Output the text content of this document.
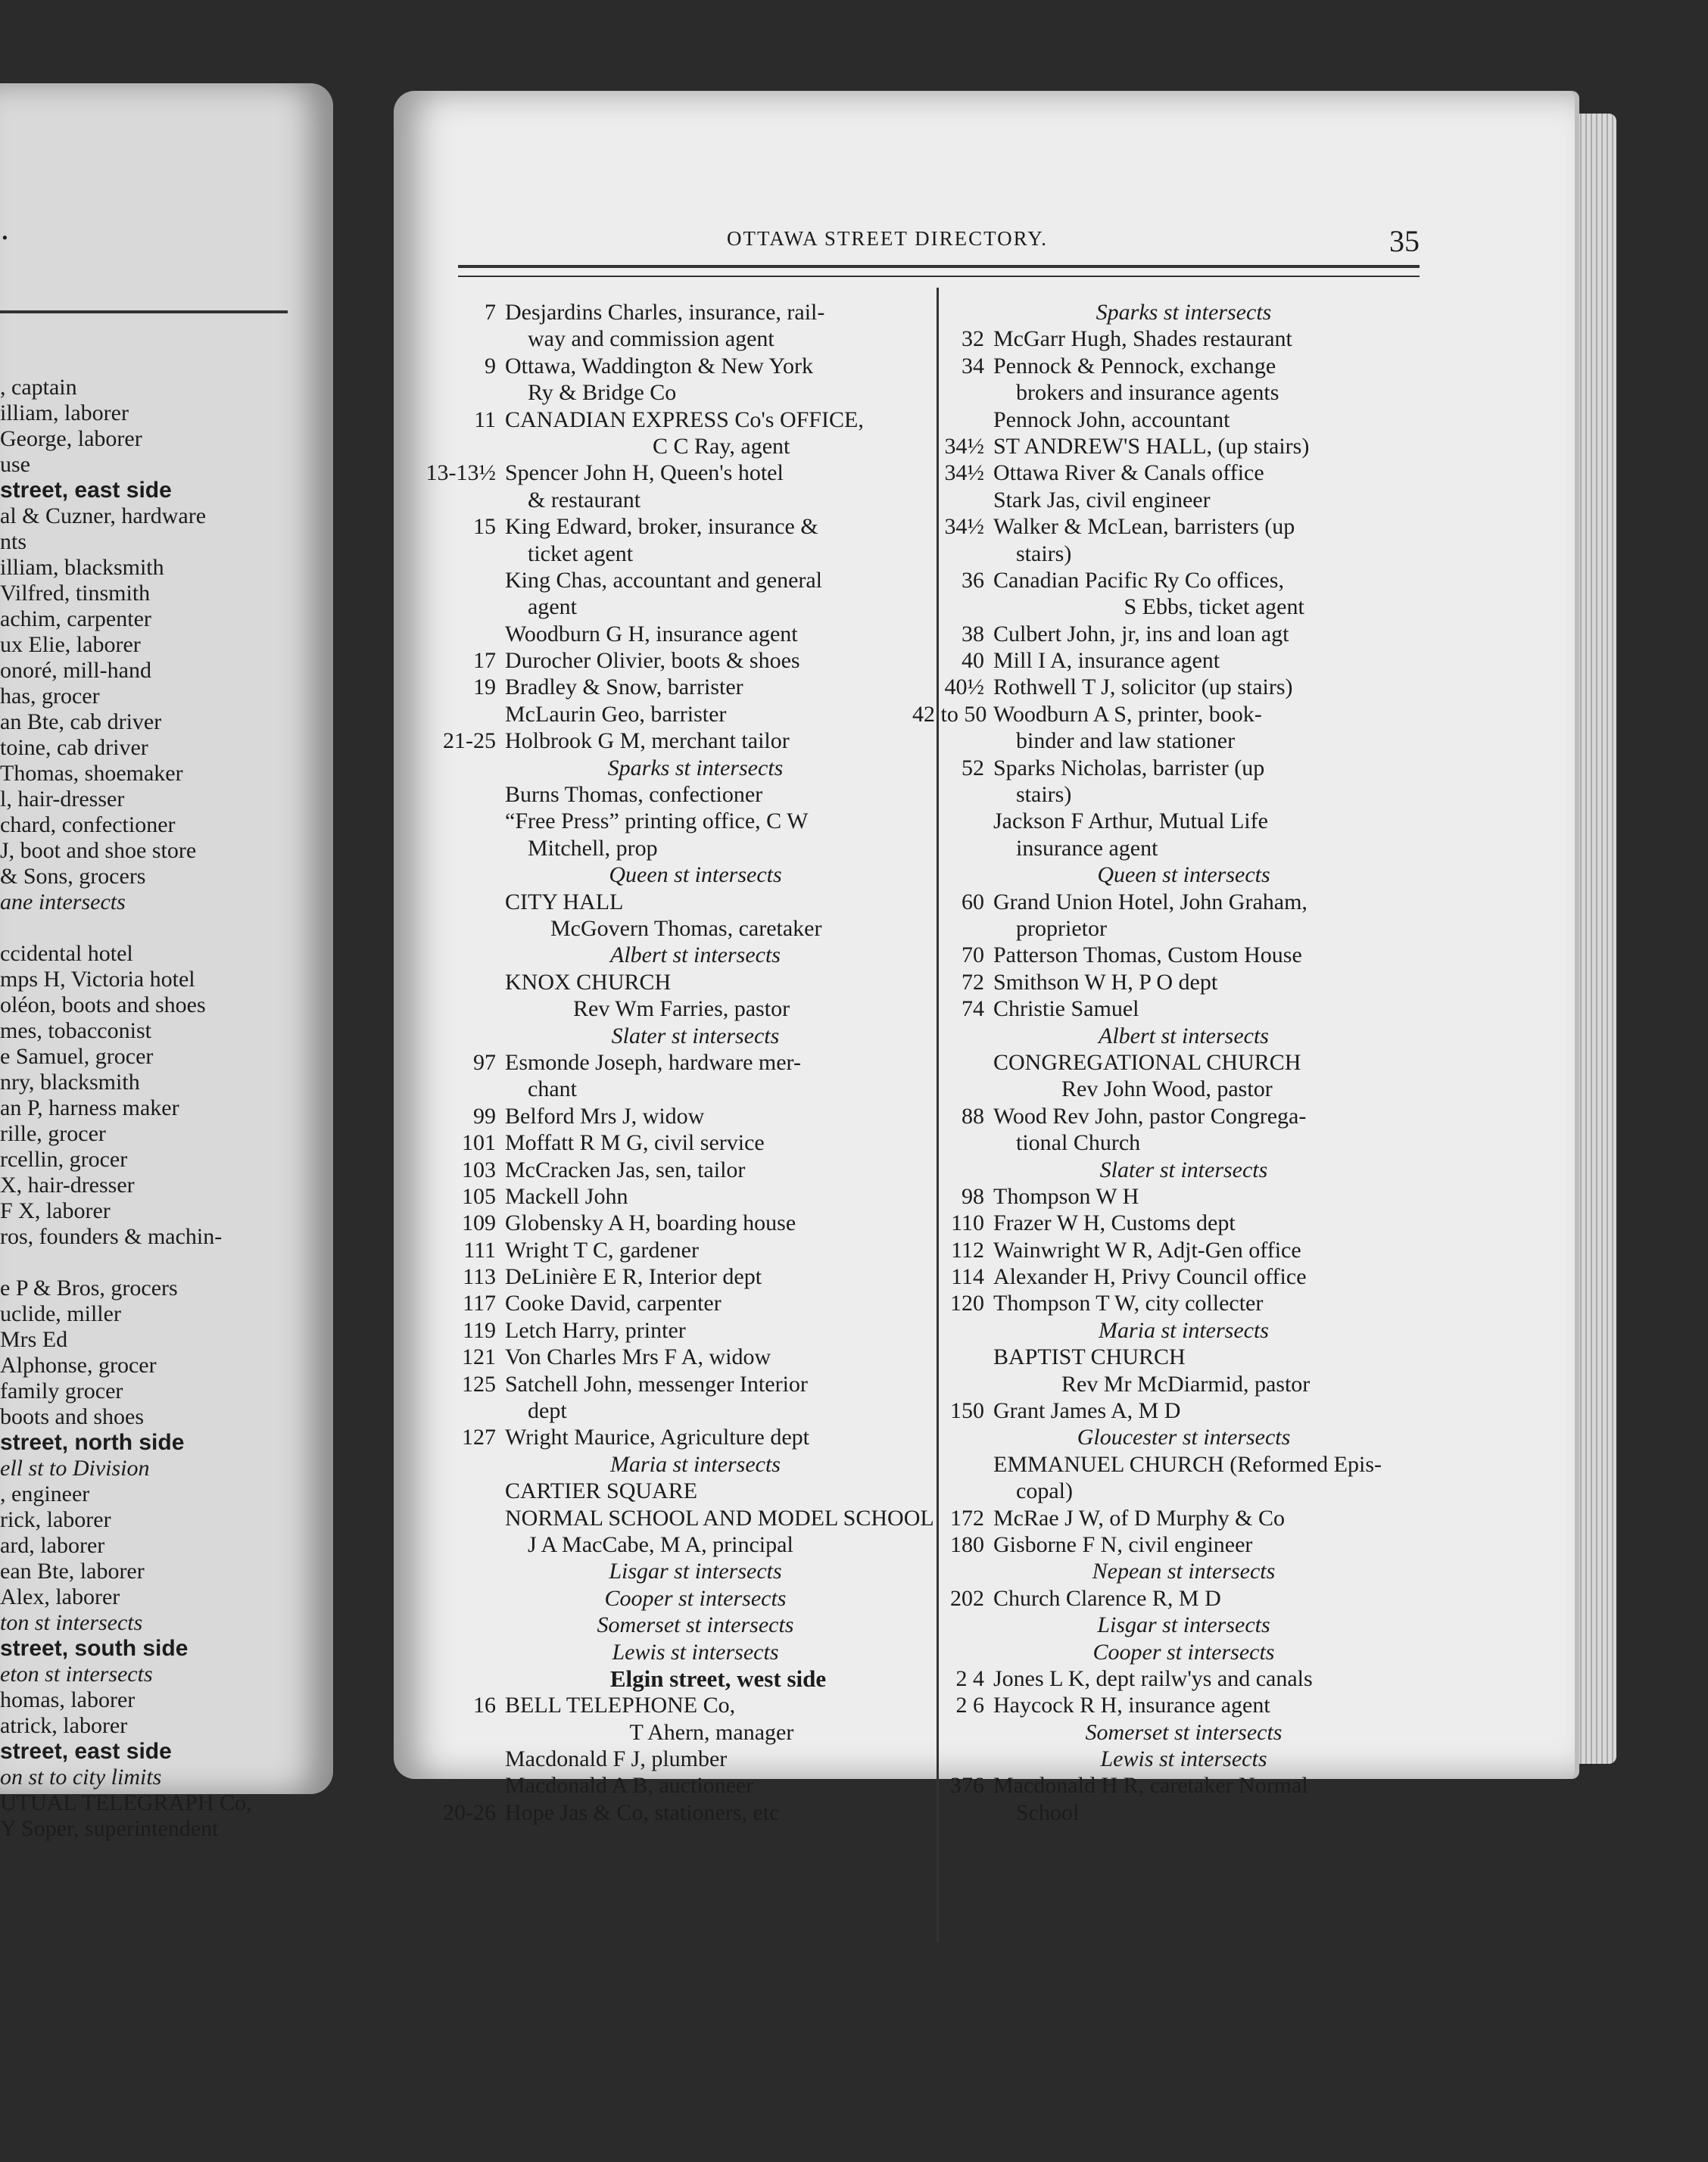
.
, captain
illiam, laborer
George, laborer
use
street, east side
al & Cuzner, hardware
nts
illiam, blacksmith
Vilfred, tinsmith
achim, carpenter
ux Elie, laborer
onoré, mill-hand
has, grocer
an Bte, cab driver
toine, cab driver
Thomas, shoemaker
l, hair-dresser
chard, confectioner
J, boot and shoe store
& Sons, grocers
ane intersects
ccidental hotel
mps H, Victoria hotel
oléon, boots and shoes
mes, tobacconist
e Samuel, grocer
nry, blacksmith
an P, harness maker
rille, grocer
rcellin, grocer
X, hair-dresser
F X, laborer
ros, founders & machin-
e P & Bros, grocers
uclide, miller
Mrs Ed
Alphonse, grocer
family grocer
boots and shoes
street, north side
ell st to Division
, engineer
rick, laborer
ard, laborer
ean Bte, laborer
Alex, laborer
ton st intersects
street, south side
eton st intersects
homas, laborer
atrick, laborer
street, east side
on st to city limits
UTUAL TELEGRAPH Co,
Y Soper, superintendent
OTTAWA STREET DIRECTORY.	35
7 Desjardins Charles, insurance, rail-
way and commission agent
9 Ottawa, Waddington & New York
Ry & Bridge Co
11 CANADIAN EXPRESS Co's OFFICE,
C C Ray, agent
13-13½ Spencer John H, Queen's hotel
& restaurant
15 King Edward, broker, insurance &
ticket agent
King Chas, accountant and general
agent
Woodburn G H, insurance agent
17 Durocher Olivier, boots & shoes
19 Bradley & Snow, barrister
McLaurin Geo, barrister
21-25 Holbrook G M, merchant tailor
Sparks st intersects
Burns Thomas, confectioner
“Free Press” printing office, C W
Mitchell, prop
Queen st intersects
CITY HALL
McGovern Thomas, caretaker
Albert st intersects
KNOX CHURCH
Rev Wm Farries, pastor
Slater st intersects
97 Esmonde Joseph, hardware mer-
chant
99 Belford Mrs J, widow
101 Moffatt R M G, civil service
103 McCracken Jas, sen, tailor
105 Mackell John
109 Globensky A H, boarding house
111 Wright T C, gardener
113 DeLinière E R, Interior dept
117 Cooke David, carpenter
119 Letch Harry, printer
121 Von Charles Mrs F A, widow
125 Satchell John, messenger Interior
dept
127 Wright Maurice, Agriculture dept
Maria st intersects
CARTIER SQUARE
NORMAL SCHOOL AND MODEL SCHOOL
J A MacCabe, M A, principal
Lisgar st intersects
Cooper st intersects
Somerset st intersects
Lewis st intersects
Elgin street, west side
16 BELL TELEPHONE Co,
T Ahern, manager
Macdonald F J, plumber
Macdonald A B, auctioneer
20-26 Hope Jas & Co, stationers, etc
Sparks st intersects
32 McGarr Hugh, Shades restaurant
34 Pennock & Pennock, exchange
brokers and insurance agents
Pennock John, accountant
34½ ST ANDREW'S HALL, (up stairs)
34½ Ottawa River & Canals office
Stark Jas, civil engineer
34½ Walker & McLean, barristers (up
stairs)
36 Canadian Pacific Ry Co offices,
S Ebbs, ticket agent
38 Culbert John, jr, ins and loan agt
40 Mill I A, insurance agent
40½ Rothwell T J, solicitor (up stairs)
42 to 50 Woodburn A S, printer, book-
binder and law stationer
52 Sparks Nicholas, barrister (up
stairs)
Jackson F Arthur, Mutual Life
insurance agent
Queen st intersects
60 Grand Union Hotel, John Graham,
proprietor
70 Patterson Thomas, Custom House
72 Smithson W H, P O dept
74 Christie Samuel
Albert st intersects
CONGREGATIONAL CHURCH
Rev John Wood, pastor
88 Wood Rev John, pastor Congrega-
tional Church
Slater st intersects
98 Thompson W H
110 Frazer W H, Customs dept
112 Wainwright W R, Adjt-Gen office
114 Alexander H, Privy Council office
120 Thompson T W, city collecter
Maria st intersects
BAPTIST CHURCH
Rev Mr McDiarmid, pastor
150 Grant James A, M D
Gloucester st intersects
EMMANUEL CHURCH (Reformed Epis-
copal)
172 McRae J W, of D Murphy & Co
180 Gisborne F N, civil engineer
Nepean st intersects
202 Church Clarence R, M D
Lisgar st intersects
Cooper st intersects
2 4 Jones L K, dept railw'ys and canals
2 6 Haycock R H, insurance agent
Somerset st intersects
Lewis st intersects
376 Macdonald H R, caretaker Normal
School
